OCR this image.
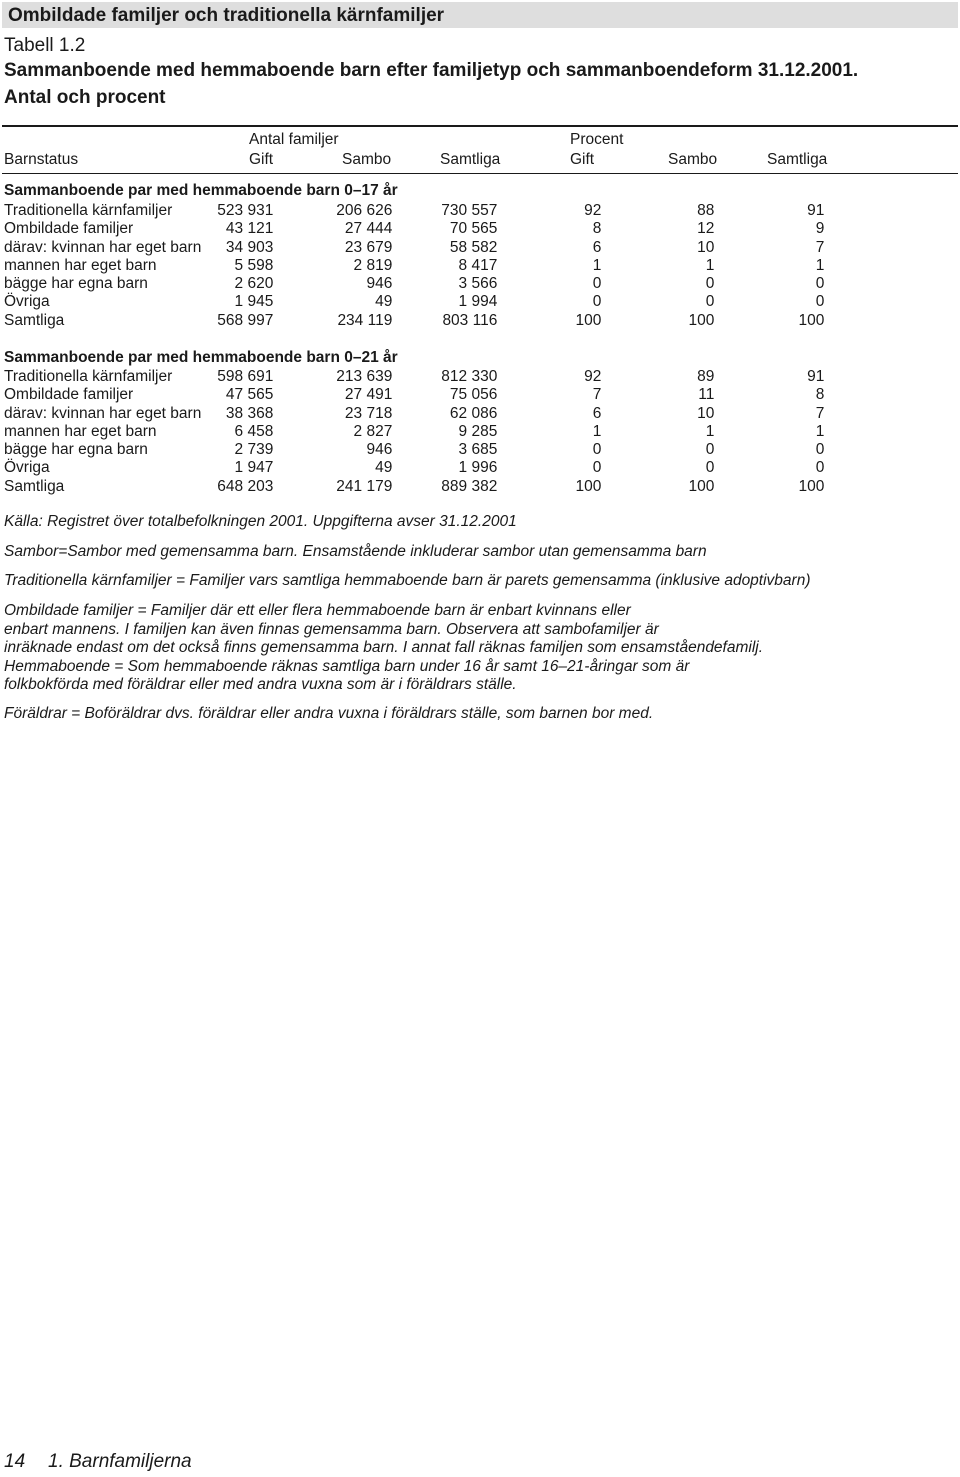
Ombildade familjer och traditionella kärnfamiljer
Tabell 1.2
Sammanboende med hemmaboende barn efter familjetyp och sammanboendeform 31.12.2001.
Antal och procent
Antal familjer	Procent
Barnstatus	Gift	Sambo	Samtliga	Gift	Sambo	Samtliga
Sammanboende par med hemmaboende barn 0–17 år
Traditionella kärnfamiljer	523 931	206 626	730 557	92	88	91
Ombildade familjer	43 121	27 444	70 565	8	12	9
därav: kvinnan har eget barn	34 903	23 679	58 582	6	10	7
mannen har eget barn	5 598	2 819	8 417	1	1	1
bägge har egna barn	2 620	946	3 566	0	0	0
Övriga	1 945	49	1 994	0	0	0
Samtliga	568 997	234 119	803 116	100	100	100
Sammanboende par med hemmaboende barn 0–21 år
Traditionella kärnfamiljer	598 691	213 639	812 330	92	89	91
Ombildade familjer	47 565	27 491	75 056	7	11	8
därav: kvinnan har eget barn	38 368	23 718	62 086	6	10	7
mannen har eget barn	6 458	2 827	9 285	1	1	1
bägge har egna barn	2 739	946	3 685	0	0	0
Övriga	1 947	49	1 996	0	0	0
Samtliga	648 203	241 179	889 382	100	100	100
Källa: Registret över totalbefolkningen 2001. Uppgifterna avser 31.12.2001
Sambor=Sambor med gemensamma barn. Ensamstående inkluderar sambor utan gemensamma barn
Traditionella kärnfamiljer = Familjer vars samtliga hemmaboende barn är parets gemensamma (inklusive adoptivbarn)
Ombildade familjer = Familjer där ett eller flera hemmaboende barn är enbart kvinnans eller
enbart mannens. I familjen kan även finnas gemensamma barn. Observera att sambofamiljer är
inräknade endast om det också finns gemensamma barn. I annat fall räknas familjen som ensamståendefamilj.
Hemmaboende = Som hemmaboende räknas samtliga barn under 16 år samt 16–21-åringar som är
folkbokförda med föräldrar eller med andra vuxna som är i föräldrars ställe.
Föräldrar = Boföräldrar dvs. föräldrar eller andra vuxna i föräldrars ställe, som barnen bor med.
14 1. Barnfamiljerna
